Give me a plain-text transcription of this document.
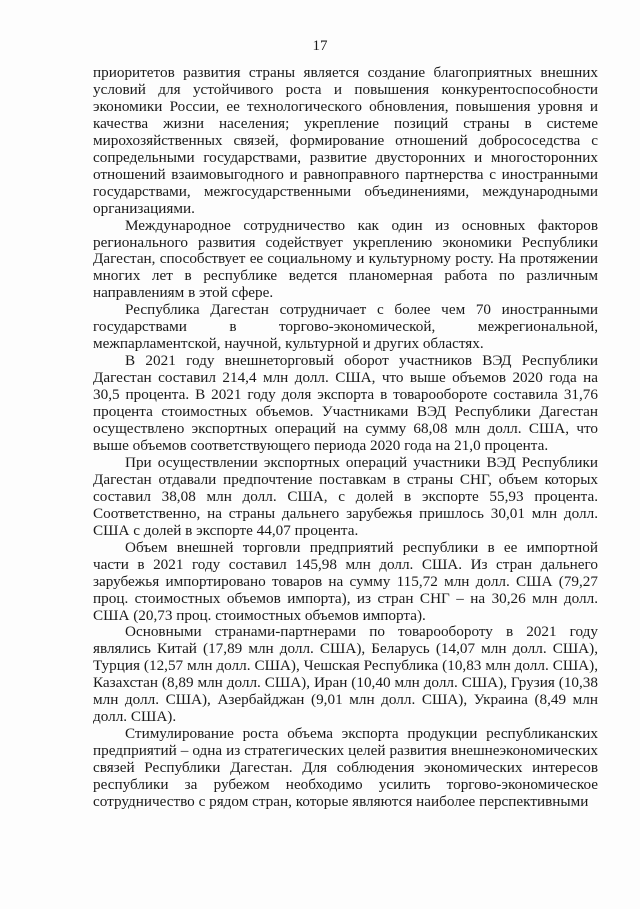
17

приоритетов развития страны является создание благоприятных внешних условий для устойчивого роста и повышения конкурентоспособности экономики России, ее технологического обновления, повышения уровня и качества жизни населения; укрепление позиций страны в системе мирохозяйственных связей, формирование отношений добрососедства с сопредельными государствами, развитие двусторонних и многосторонних отношений взаимовыгодного и равноправного партнерства с иностранными государствами, межгосударственными объединениями, международными организациями.

Международное сотрудничество как один из основных факторов регионального развития содействует укреплению экономики Республики Дагестан, способствует ее социальному и культурному росту. На протяжении многих лет в республике ведется планомерная работа по различным направлениям в этой сфере.

Республика Дагестан сотрудничает с более чем 70 иностранными государствами в торгово-экономической, межрегиональной, межпарламентской, научной, культурной и других областях.

В 2021 году внешнеторговый оборот участников ВЭД Республики Дагестан составил 214,4 млн долл. США, что выше объемов 2020 года на 30,5 процента. В 2021 году доля экспорта в товарообороте составила 31,76 процента стоимостных объемов. Участниками ВЭД Республики Дагестан осуществлено экспортных операций на сумму 68,08 млн долл. США, что выше объемов соответствующего периода 2020 года на 21,0 процента.

При осуществлении экспортных операций участники ВЭД Республики Дагестан отдавали предпочтение поставкам в страны СНГ, объем которых составил 38,08 млн долл. США, с долей в экспорте 55,93 процента. Соответственно, на страны дальнего зарубежья пришлось 30,01 млн долл. США с долей в экспорте 44,07 процента.

Объем внешней торговли предприятий республики в ее импортной части в 2021 году составил 145,98 млн долл. США. Из стран дальнего зарубежья импортировано товаров на сумму 115,72 млн долл. США (79,27 проц. стоимостных объемов импорта), из стран СНГ – на 30,26 млн долл. США (20,73 проц. стоимостных объемов импорта).

Основными странами-партнерами по товарообороту в 2021 году являлись Китай (17,89 млн долл. США), Беларусь (14,07 млн долл. США), Турция (12,57 млн долл. США), Чешская Республика (10,83 млн долл. США), Казахстан (8,89 млн долл. США), Иран (10,40 млн долл. США), Грузия (10,38 млн долл. США), Азербайджан (9,01 млн долл. США), Украина (8,49 млн долл. США).

Стимулирование роста объема экспорта продукции республиканских предприятий – одна из стратегических целей развития внешнеэкономических связей Республики Дагестан. Для соблюдения экономических интересов республики за рубежом необходимо усилить торгово-экономическое сотрудничество с рядом стран, которые являются наиболее перспективными
